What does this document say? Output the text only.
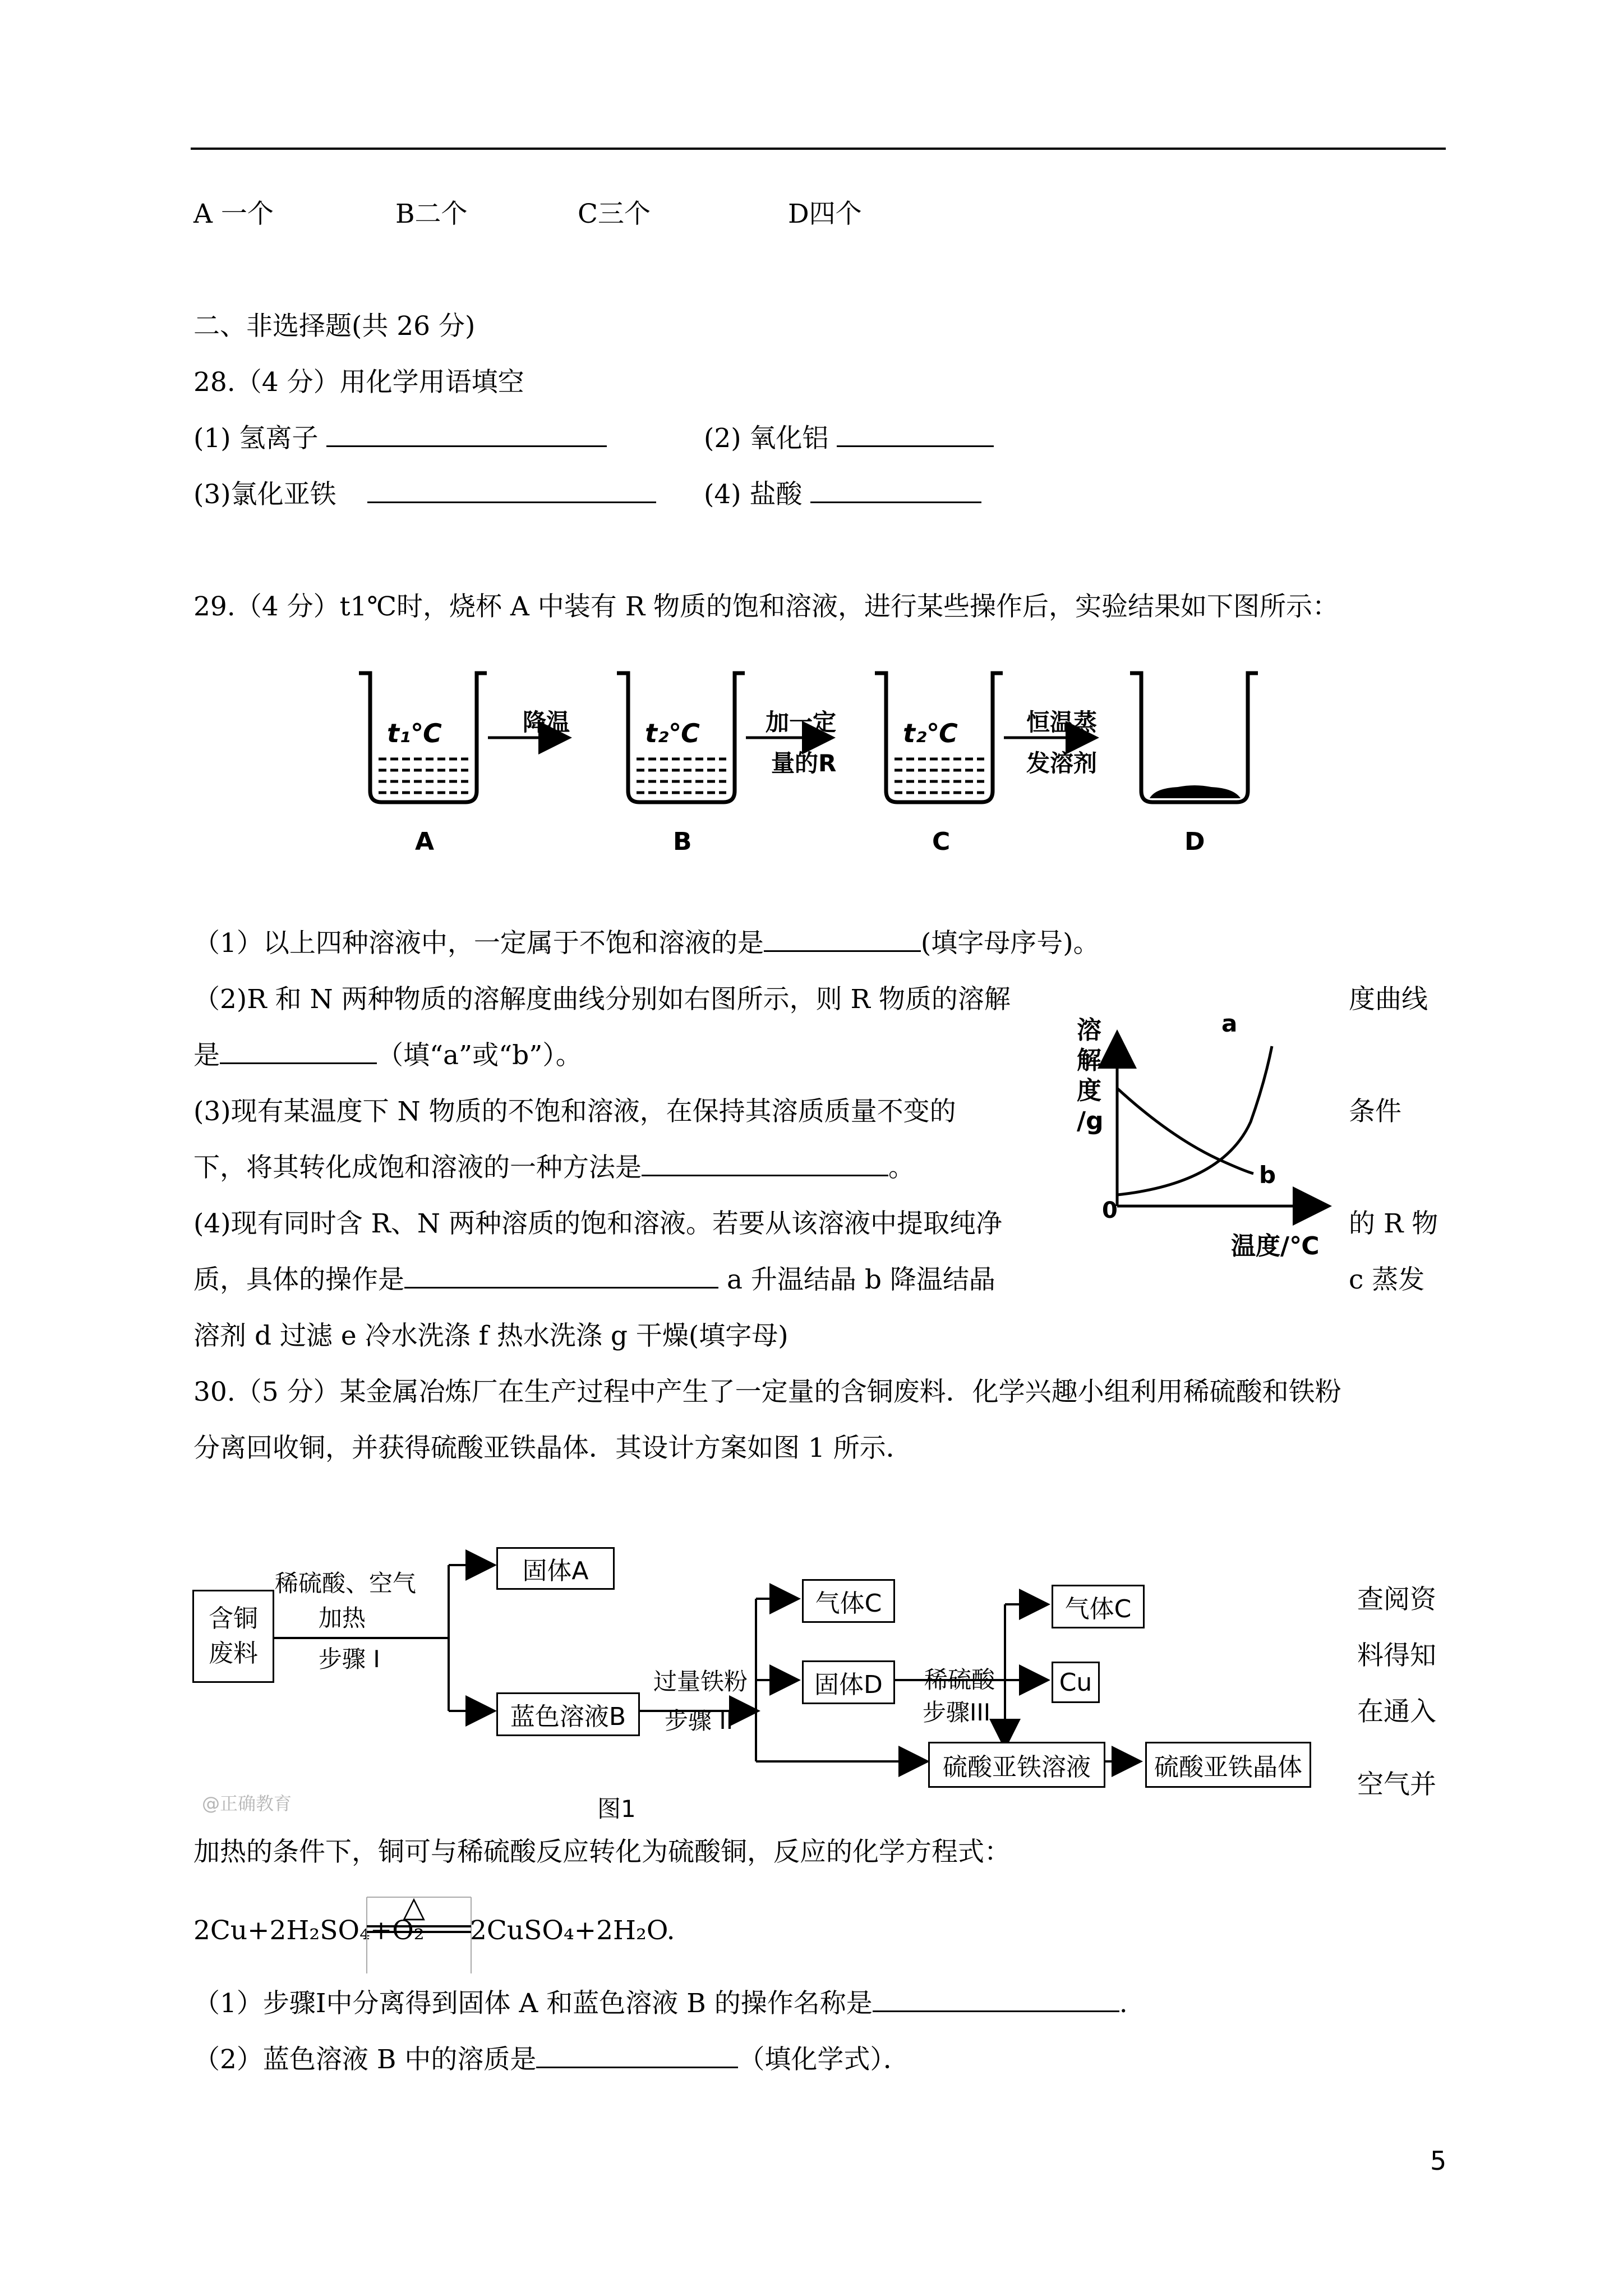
A 一个	B二个	C三个	D四个
二、非选择题(共 26 分)
28.（4 分）用化学用语填空
(1) 氢离子	(2) 氧化铝
(3)氯化亚铁	(4) 盐酸
29.（4 分）t1℃时，烧杯 A 中装有 R 物质的饱和溶液，进行某些操作后，实验结果如下图所示：
t₁℃	t₂℃	t₂℃
降温	加一定
量的R
恒温蒸
发溶剂
A	B	C	D
（1）以上四种溶液中，一定属于不饱和溶液的是	(填字母序号)。
（2)R 和 N 两种物质的溶解度曲线分别如右图所示，则 R 物质的溶解	度曲线
是	（填“a”或“b”）。
(3)现有某温度下 N 物质的不饱和溶液，在保持其溶质质量不变的	条件
下，将其转化成饱和溶液的一种方法是	。
(4)现有同时含 R、N 两种溶质的饱和溶液。若要从该溶液中提取纯净	的 R 物
质，具体的操作是	a 升温结晶 b 降温结晶	c 蒸发
溶剂 d 过滤 e 冷水洗涤 f 热水洗涤 g 干燥(填字母)
溶
解
度
/g
a
b
0
温度/℃
30.（5 分）某金属冶炼厂在生产过程中产生了一定量的含铜废料．化学兴趣小组利用稀硫酸和铁粉
分离回收铜，并获得硫酸亚铁晶体．其设计方案如图 1 所示．
含铜
废料
稀硫酸、空气
加热
步骤 I
固体A
蓝色溶液B
过量铁粉
步骤 II
气体C
固体D	稀硫酸
步骤III
气体C
Cu
硫酸亚铁溶液	硫酸亚铁晶体
@正确教育	图1
查阅资
料得知
在通入
空气并
加热的条件下，铜可与稀硫酸反应转化为硫酸铜，反应的化学方程式：
2Cu+2H₂SO₄+O₂
△
2CuSO₄+2H₂O.
（1）步骤Ⅰ中分离得到固体 A 和蓝色溶液 B 的操作名称是	.
（2）蓝色溶液 B 中的溶质是	（填化学式）．
5
